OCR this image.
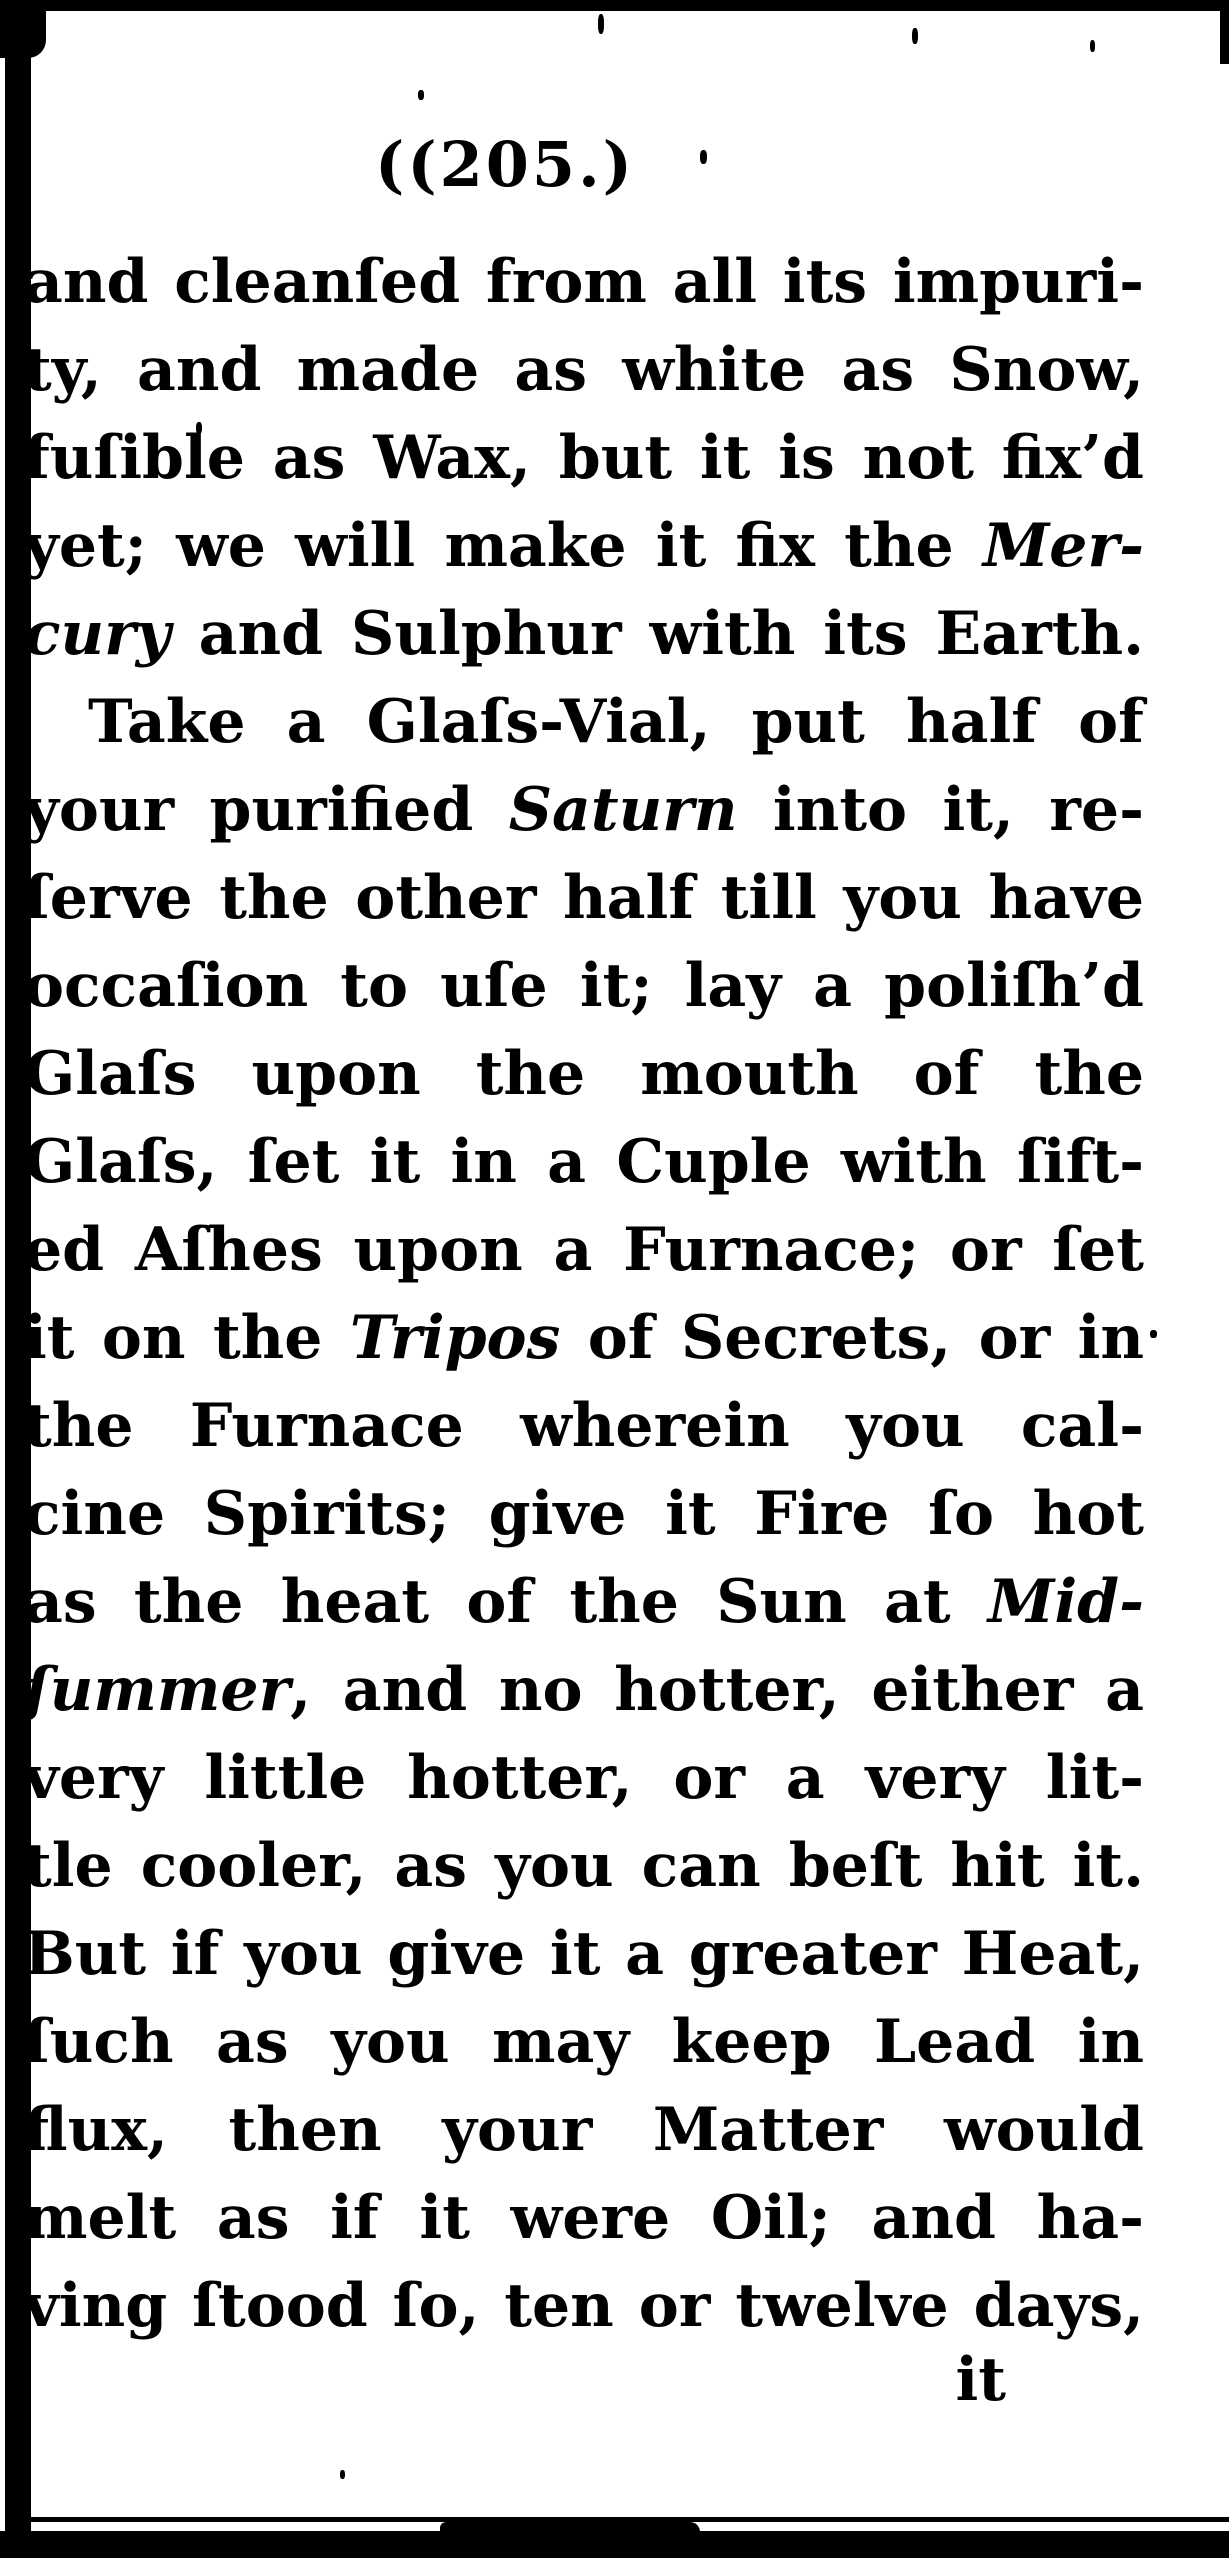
((205.)
and cleanſed from all its impuri-
ty, and made as white as Snow,
fuſible as Wax, but it is not fix’d
yet; we will make it fix the Mer-
cury and Sulphur with its Earth.
Take a Glaſs-Vial, put half of
your purified Saturn into it, re-
ſerve the other half till you have
occaſion to uſe it; lay a poliſh’d
Glaſs upon the mouth of the
Glaſs, ſet it in a Cuple with ſift-
ed Aſhes upon a Furnace; or ſet
it on the Tripos of Secrets, or in
the Furnace wherein you cal-
cine Spirits; give it Fire ſo hot
as the heat of the Sun at Mid-
ſummer, and no hotter, either a
very little hotter, or a very lit-
tle cooler, as you can beſt hit it.
But if you give it a greater Heat,
ſuch as you may keep Lead in
flux, then your Matter would
melt as if it were Oil; and ha-
ving ſtood ſo, ten or twelve days,
it
